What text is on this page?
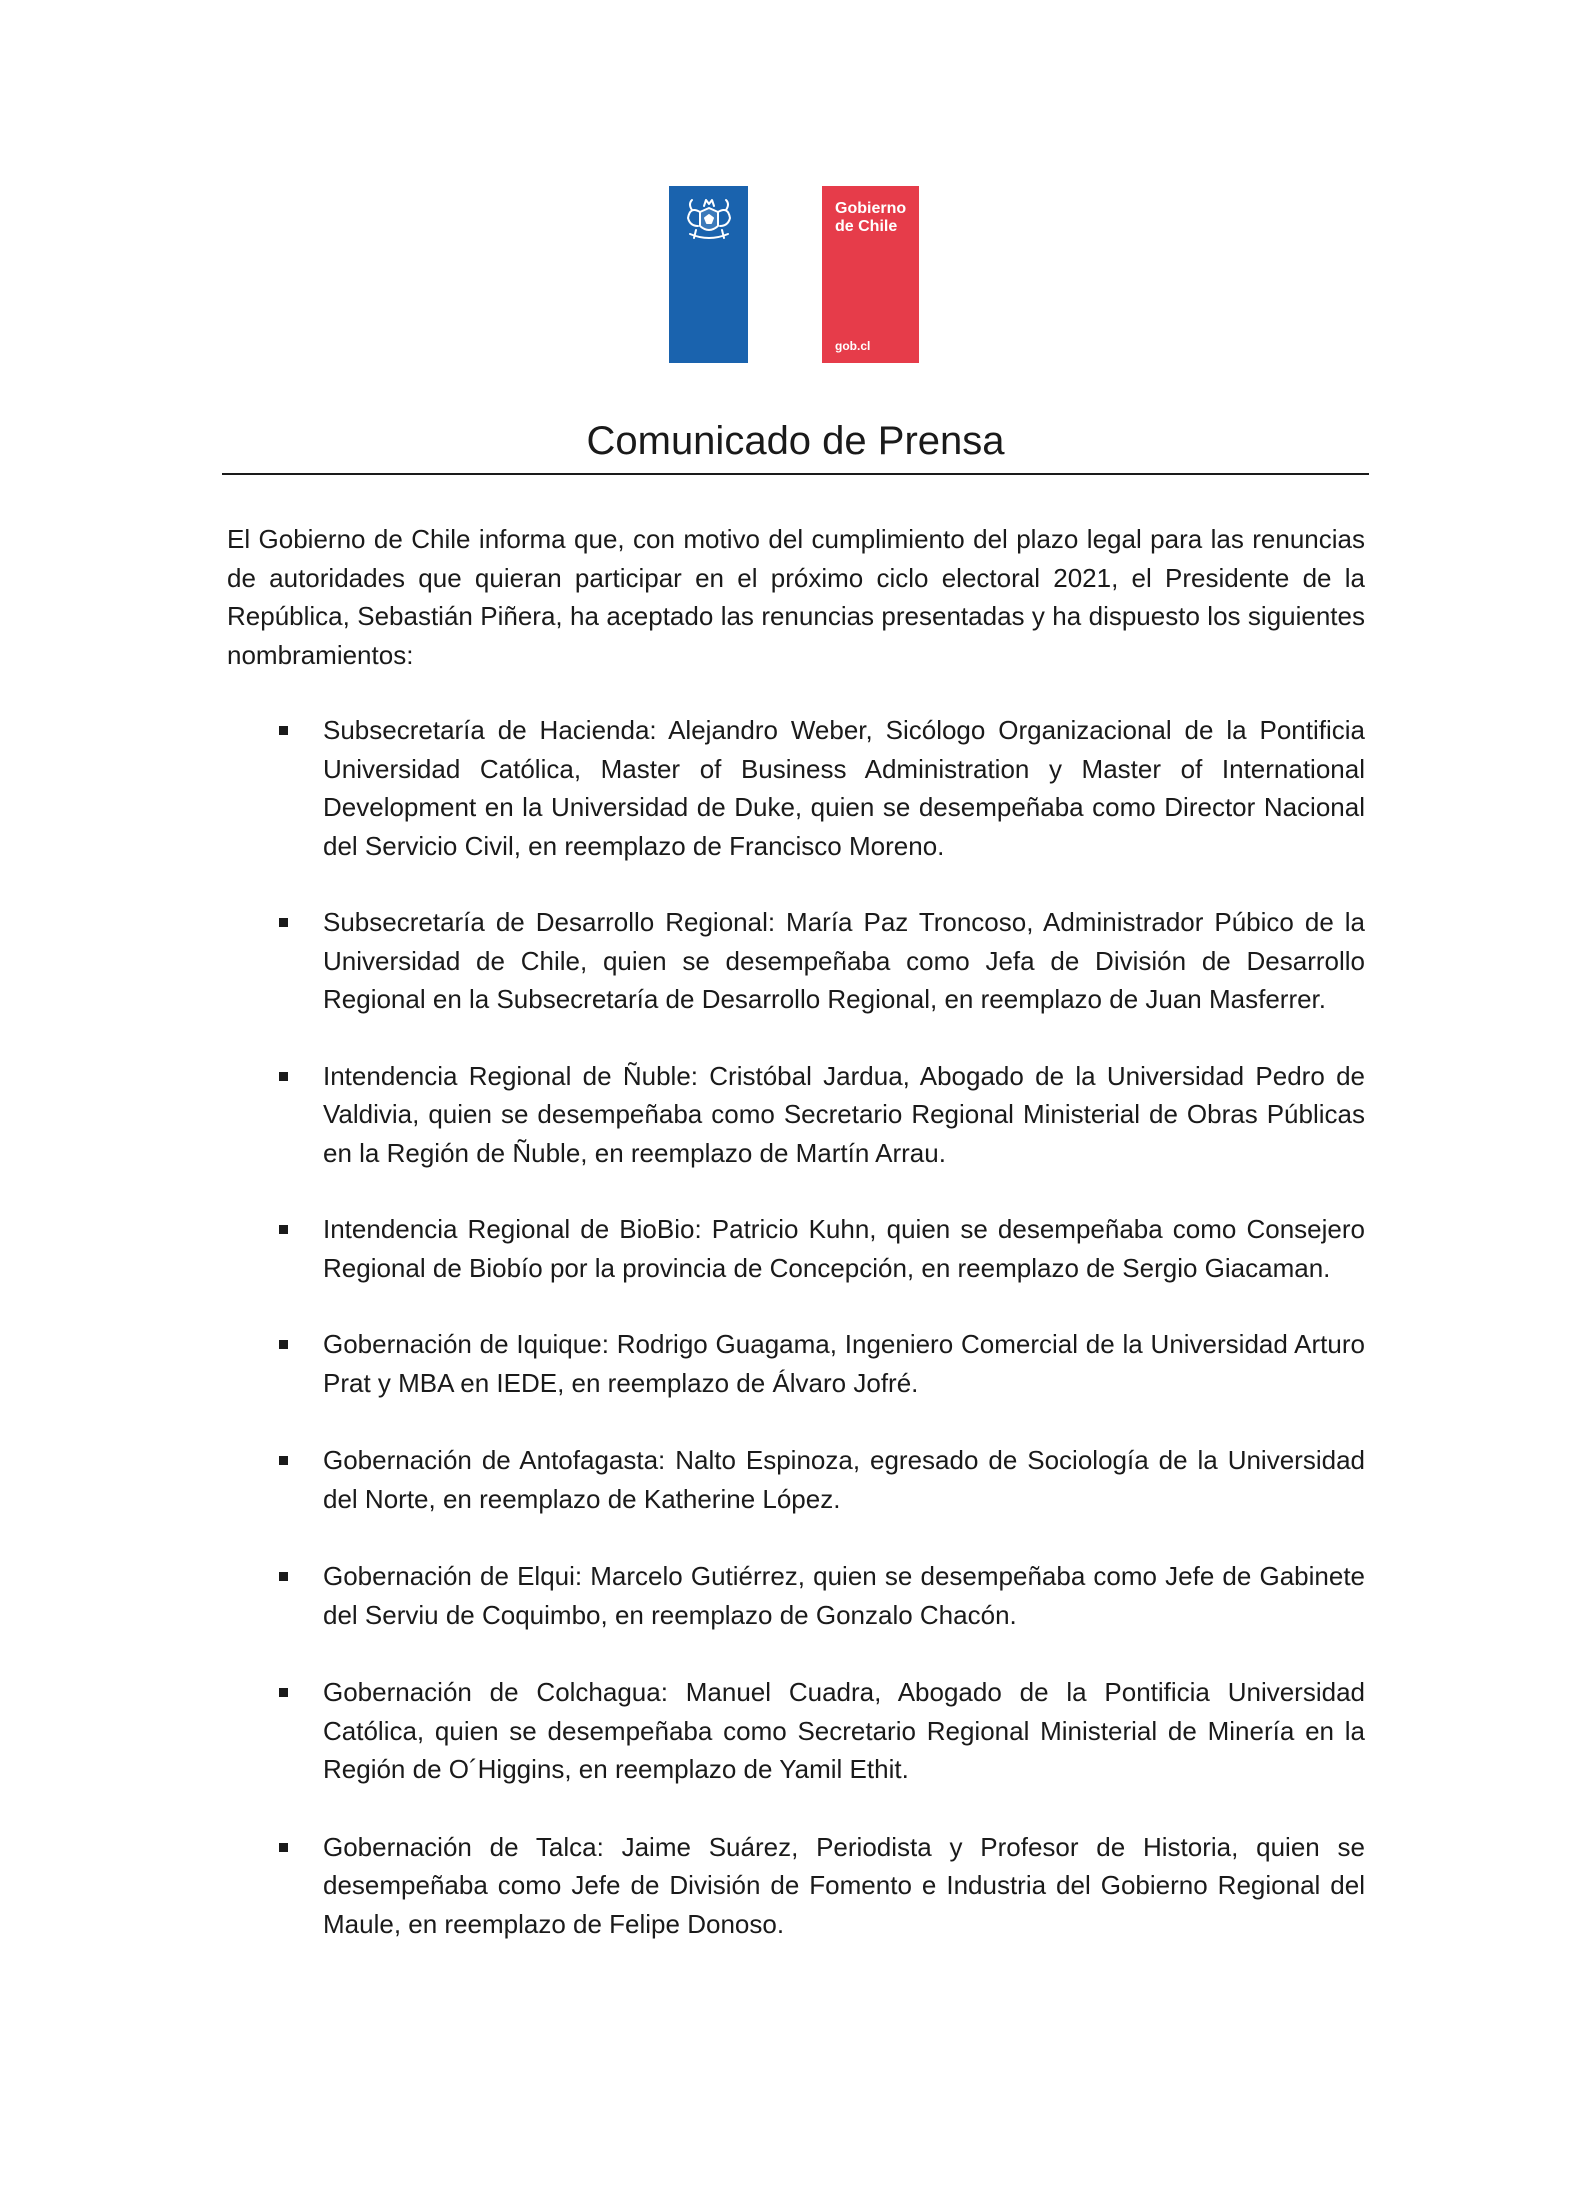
Gobierno
de Chile
gob.cl
Comunicado de Prensa

El Gobierno de Chile informa que, con motivo del cumplimiento del plazo legal para las renuncias de autoridades que quieran participar en el próximo ciclo electoral 2021, el Presidente de la República, Sebastián Piñera, ha aceptado las renuncias presentadas y ha dispuesto los siguientes nombramientos:

Subsecretaría de Hacienda: Alejandro Weber, Sicólogo Organizacional de la Pontificia Universidad Católica, Master of Business Administration y Master of International Development en la Universidad de Duke, quien se desempeñaba como Director Nacional del Servicio Civil, en reemplazo de Francisco Moreno.
Subsecretaría de Desarrollo Regional: María Paz Troncoso, Administrador Púbico de la Universidad de Chile, quien se desempeñaba como Jefa de División de Desarrollo Regional en la Subsecretaría de Desarrollo Regional, en reemplazo de Juan Masferrer.
Intendencia Regional de Ñuble: Cristóbal Jardua, Abogado de la Universidad Pedro de Valdivia, quien se desempeñaba como Secretario Regional Ministerial de Obras Públicas en la Región de Ñuble, en reemplazo de Martín Arrau.
Intendencia Regional de BioBio: Patricio Kuhn, quien se desempeñaba como Consejero Regional de Biobío por la provincia de Concepción, en reemplazo de Sergio Giacaman.
Gobernación de Iquique: Rodrigo Guagama, Ingeniero Comercial de la Universidad Arturo Prat y MBA en IEDE, en reemplazo de Álvaro Jofré.
Gobernación de Antofagasta: Nalto Espinoza, egresado de Sociología de la Universidad del Norte, en reemplazo de Katherine López.
Gobernación de Elqui: Marcelo Gutiérrez, quien se desempeñaba como Jefe de Gabinete del Serviu de Coquimbo, en reemplazo de Gonzalo Chacón.
Gobernación de Colchagua: Manuel Cuadra, Abogado de la Pontificia Universidad Católica, quien se desempeñaba como Secretario Regional Ministerial de Minería en la Región de O´Higgins, en reemplazo de Yamil Ethit.
Gobernación de Talca: Jaime Suárez, Periodista y Profesor de Historia, quien se desempeñaba como Jefe de División de Fomento e Industria del Gobierno Regional del Maule, en reemplazo de Felipe Donoso.
